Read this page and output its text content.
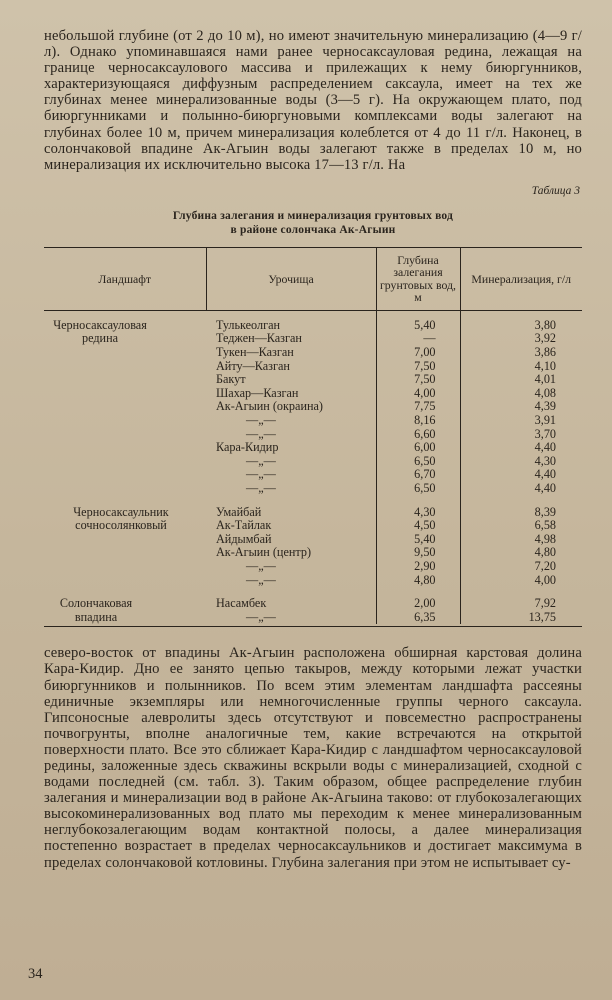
небольшой глубине (от 2 до 10 м), но имеют значительную минерализацию (4—9 г/л). Однако упоминавшаяся нами ранее черносаксауловая редина, лежащая на границе черносаксаулового массива и прилежащих к нему биюргунников, характеризующаяся диффузным распределением саксаула, имеет на тех же глубинах менее минерализованные воды (3—5 г). На окружающем плато, под биюргунниками и полынно-биюргуновыми комплексами воды залегают на глубинах более 10 м, причем минерализация колеблется от 4 до 11 г/л. Наконец, в солончаковой впадине Ак-Агыин воды залегают также в пределах 10 м, но минерализация их исключительно высока 17—13 г/л. На

Таблица 3
Глубина залегания и минерализация грунтовых вод
в районе солончака Ак-Агыин
Ландшафт	Урочища	Глубина залегания грунтовых вод, м	Минерализация, г/л
Черносаксауловая редина	Тулькеолган	5,40	3,80
	Теджен—Казган	—	3,92
	Тукен—Казган	7,00	3,86
	Айту—Казган	7,50	4,10
	Бакут	7,50	4,01
	Шахар—Казган	4,00	4,08
	Ак-Агыин (окраина)	7,75	4,39
	—„—	8,16	3,91
	—„—	6,60	3,70
	Кара-Кидир	6,00	4,40
	—„—	6,50	4,30
	—„—	6,70	4,40
	—„—	6,50	4,40
Черносаксаульник сочносолянковый	Умайбай	4,30	8,39
	Ак-Тайлак	4,50	6,58
	Айдымбай	5,40	4,98
	Ак-Агыин (центр)	9,50	4,80
	—„—	2,90	7,20
	—„—	4,80	4,00
Солончаковая впадина	Насамбек	2,00	7,92
	—„—	6,35	13,75

северо-восток от впадины Ак-Агыин расположена обширная карстовая долина Кара-Кидир. Дно ее занято цепью такыров, между которыми лежат участки биюргунников и полынников. По всем этим элементам ландшафта рассеяны единичные экземпляры или немногочисленные группы черного саксаула. Гипсоносные алевролиты здесь отсутствуют и повсеместно распространены почвогрунты, вполне аналогичные тем, какие встречаются на открытой поверхности плато. Все это сближает Кара-Кидир с ландшафтом черносаксауловой редины, заложенные здесь скважины вскрыли воды с минерализацией, сходной с водами последней (см. табл. 3). Таким образом, общее распределение глубин залегания и минерализации вод в районе Ак-Агыина таково: от глубокозалегающих высокоминерализованных вод плато мы переходим к менее минерализованным неглубокозалегающим водам контактной полосы, а далее минерализация постепенно возрастает в пределах черносаксаульников и достигает максимума в пределах солончаковой котловины. Глубина залегания при этом не испытывает су-

34
